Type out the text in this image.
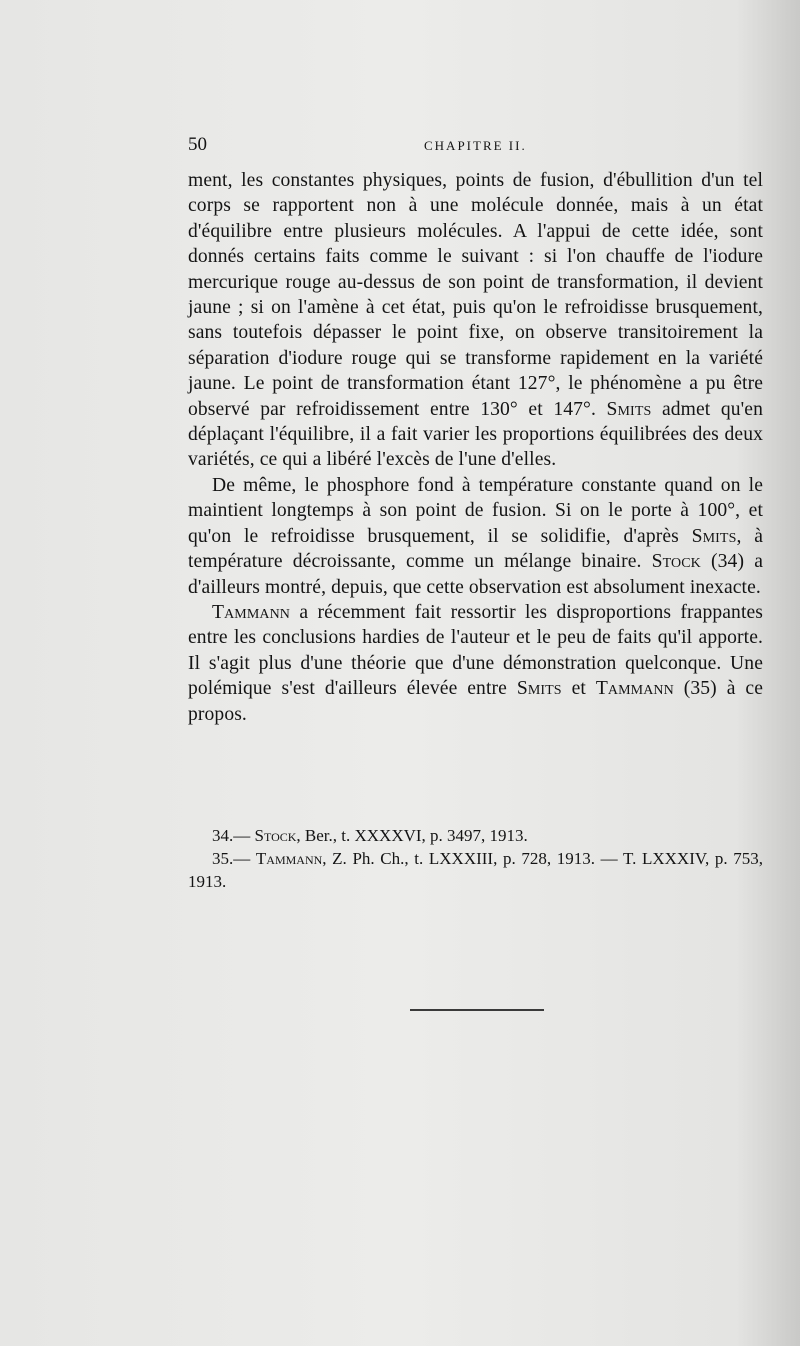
50	CHAPITRE II.

ment, les constantes physiques, points de fusion, d'ébullition d'un tel corps se rapportent non à une molécule donnée, mais à un état d'équilibre entre plusieurs molécules. A l'appui de cette idée, sont donnés certains faits comme le suivant : si l'on chauffe de l'iodure mercurique rouge au-dessus de son point de transformation, il devient jaune ; si on l'amène à cet état, puis qu'on le refroidisse brusquement, sans toutefois dépasser le point fixe, on observe transitoirement la séparation d'iodure rouge qui se transforme rapidement en la variété jaune. Le point de transformation étant 127°, le phénomène a pu être observé par refroidissement entre 130° et 147°. Smits admet qu'en déplaçant l'équilibre, il a fait varier les proportions équilibrées des deux variétés, ce qui a libéré l'excès de l'une d'elles.

De même, le phosphore fond à température constante quand on le maintient longtemps à son point de fusion. Si on le porte à 100°, et qu'on le refroidisse brusquement, il se solidifie, d'après Smits, à température décroissante, comme un mélange binaire. Stock (34) a d'ailleurs montré, depuis, que cette observation est absolument inexacte.

Tammann a récemment fait ressortir les disproportions frappantes entre les conclusions hardies de l'auteur et le peu de faits qu'il apporte. Il s'agit plus d'une théorie que d'une démonstration quelconque. Une polémique s'est d'ailleurs élevée entre Smits et Tammann (35) à ce propos.

34.— Stock, Ber., t. XXXXVI, p. 3497, 1913.

35.— Tammann, Z. Ph. Ch., t. LXXXIII, p. 728, 1913. — T. LXXXIV, p. 753, 1913.
